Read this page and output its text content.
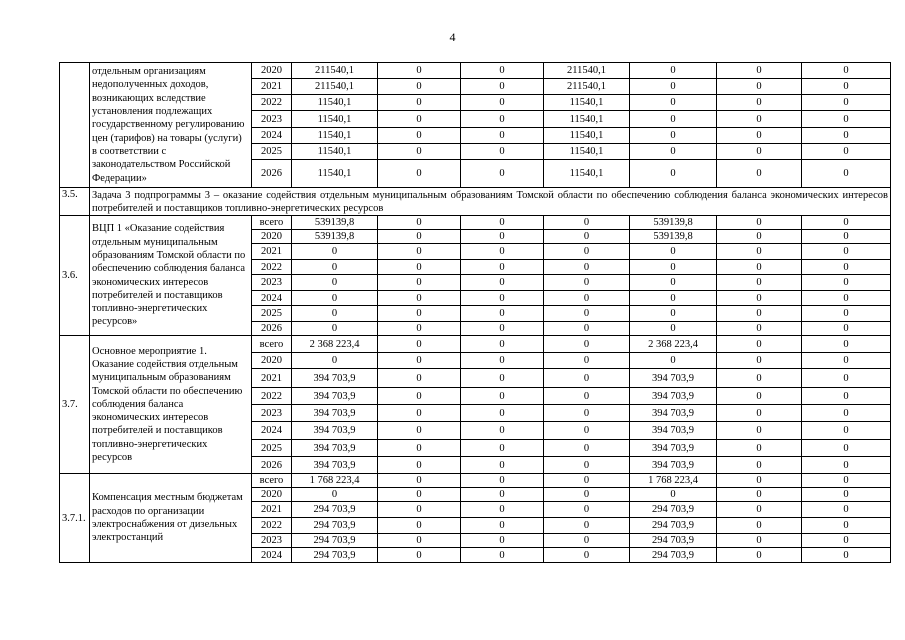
4
	отдельным организациям недополученных доходов, возникающих вследствие установления подлежащих государственному регулированию цен (тарифов) на товары (услуги) в соответствии с законодательством Российской Федерации»	2020	211540,1	0	0	211540,1	0	0	0
		2021	211540,1	0	0	211540,1	0	0	0
		2022	11540,1	0	0	11540,1	0	0	0
		2023	11540,1	0	0	11540,1	0	0	0
		2024	11540,1	0	0	11540,1	0	0	0
		2025	11540,1	0	0	11540,1	0	0	0
		2026	11540,1	0	0	11540,1	0	0	0
3.5.	Задача 3 подпрограммы 3 – оказание содействия отдельным муниципальным образованиям Томской области по обеспечению соблюдения баланса экономических интересов потребителей и поставщиков топливно-энергетических ресурсов								
3.6.	ВЦП 1 «Оказание содействия отдельным муниципальным образованиям Томской области по обеспечению соблюдения баланса экономических интересов потребителей и поставщиков топливно-энергетических ресурсов»	всего	539139,8	0	0	0	539139,8	0	0
		2020	539139,8	0	0	0	539139,8	0	0
		2021	0	0	0	0	0	0	0
		2022	0	0	0	0	0	0	0
		2023	0	0	0	0	0	0	0
		2024	0	0	0	0	0	0	0
		2025	0	0	0	0	0	0	0
		2026	0	0	0	0	0	0	0
3.7.	Основное мероприятие 1. Оказание содействия отдельным муниципальным образованиям Томской области по обеспечению соблюдения баланса экономических интересов потребителей и поставщиков топливно-энергетических ресурсов	всего	2 368 223,4	0	0	0	2 368 223,4	0	0
		2020	0	0	0	0	0	0	0
		2021	394 703,9	0	0	0	394 703,9	0	0
		2022	394 703,9	0	0	0	394 703,9	0	0
		2023	394 703,9	0	0	0	394 703,9	0	0
		2024	394 703,9	0	0	0	394 703,9	0	0
		2025	394 703,9	0	0	0	394 703,9	0	0
		2026	394 703,9	0	0	0	394 703,9	0	0
3.7.1.	Компенсация местным бюджетам расходов по организации электроснабжения от дизельных электростанций	всего	1 768 223,4	0	0	0	1 768 223,4	0	0
		2020	0	0	0	0	0	0	0
		2021	294 703,9	0	0	0	294 703,9	0	0
		2022	294 703,9	0	0	0	294 703,9	0	0
		2023	294 703,9	0	0	0	294 703,9	0	0
		2024	294 703,9	0	0	0	294 703,9	0	0
